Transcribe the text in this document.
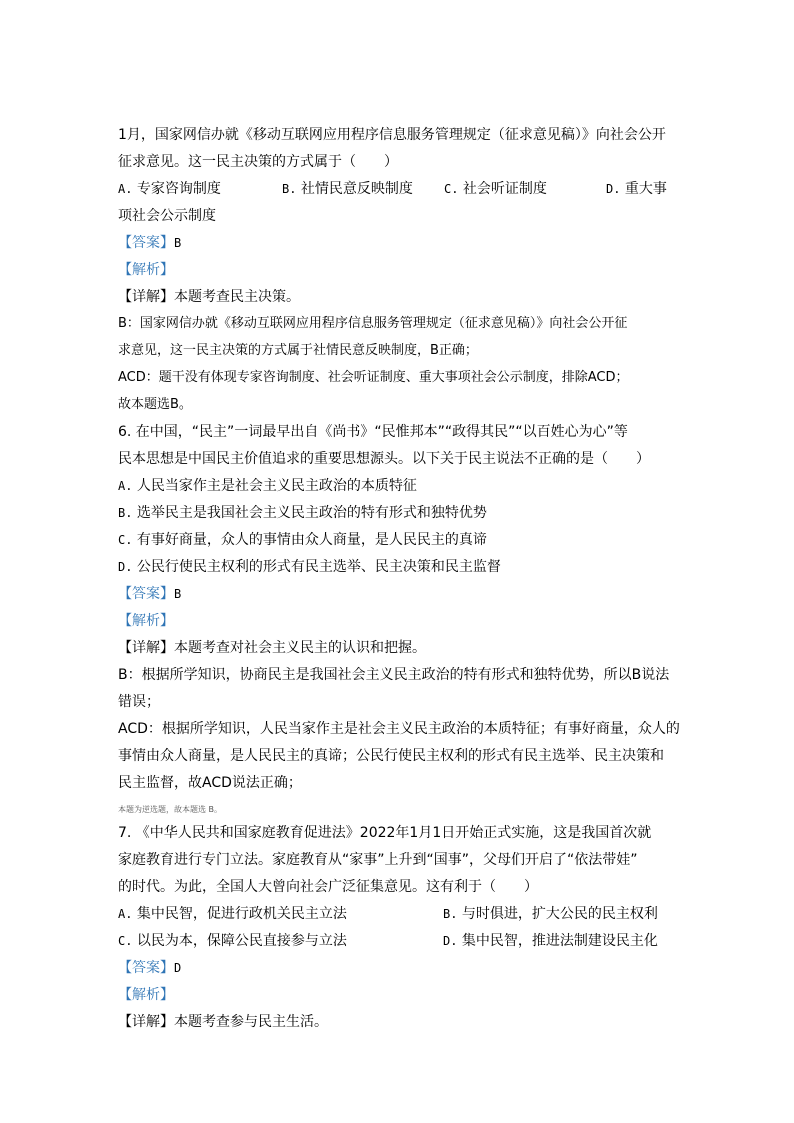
1月，国家网信办就《移动互联网应用程序信息服务管理规定（征求意见稿）》向社会公开
征求意见。这一民主决策的方式属于（　　）
A. 专家咨询制度	B. 社情民意反映制度	C. 社会听证制度	D. 重大事
项社会公示制度
【答案】B
【解析】
【详解】本题考查民主决策。
B：国家网信办就《移动互联网应用程序信息服务管理规定（征求意见稿）》向社会公开征
求意见，这一民主决策的方式属于社情民意反映制度，B正确；
ACD：题干没有体现专家咨询制度、社会听证制度、重大事项社会公示制度，排除ACD；
故本题选B。
6. 在中国，“民主”一词最早出自《尚书》“民惟邦本”“政得其民”“以百姓心为心”等
民本思想是中国民主价值追求的重要思想源头。以下关于民主说法不正确的是（　　）
A. 人民当家作主是社会主义民主政治的本质特征
B. 选举民主是我国社会主义民主政治的特有形式和独特优势
C. 有事好商量，众人的事情由众人商量，是人民民主的真谛
D. 公民行使民主权利的形式有民主选举、民主决策和民主监督
【答案】B
【解析】
【详解】本题考查对社会主义民主的认识和把握。
B：根据所学知识，协商民主是我国社会主义民主政治的特有形式和独特优势，所以B说法
错误；
ACD：根据所学知识，人民当家作主是社会主义民主政治的本质特征；有事好商量，众人的
事情由众人商量，是人民民主的真谛；公民行使民主权利的形式有民主选举、民主决策和
民主监督，故ACD说法正确；
本题为逆选题，故本题选 B。
7. 《中华人民共和国家庭教育促进法》2022年1月1日开始正式实施，这是我国首次就
家庭教育进行专门立法。家庭教育从“家事”上升到“国事”，父母们开启了“依法带娃”
的时代。为此，全国人大曾向社会广泛征集意见。这有利于（　　）
A. 集中民智，促进行政机关民主立法	B. 与时俱进，扩大公民的民主权利
C. 以民为本，保障公民直接参与立法	D. 集中民智，推进法制建设民主化
【答案】D
【解析】
【详解】本题考查参与民主生活。
